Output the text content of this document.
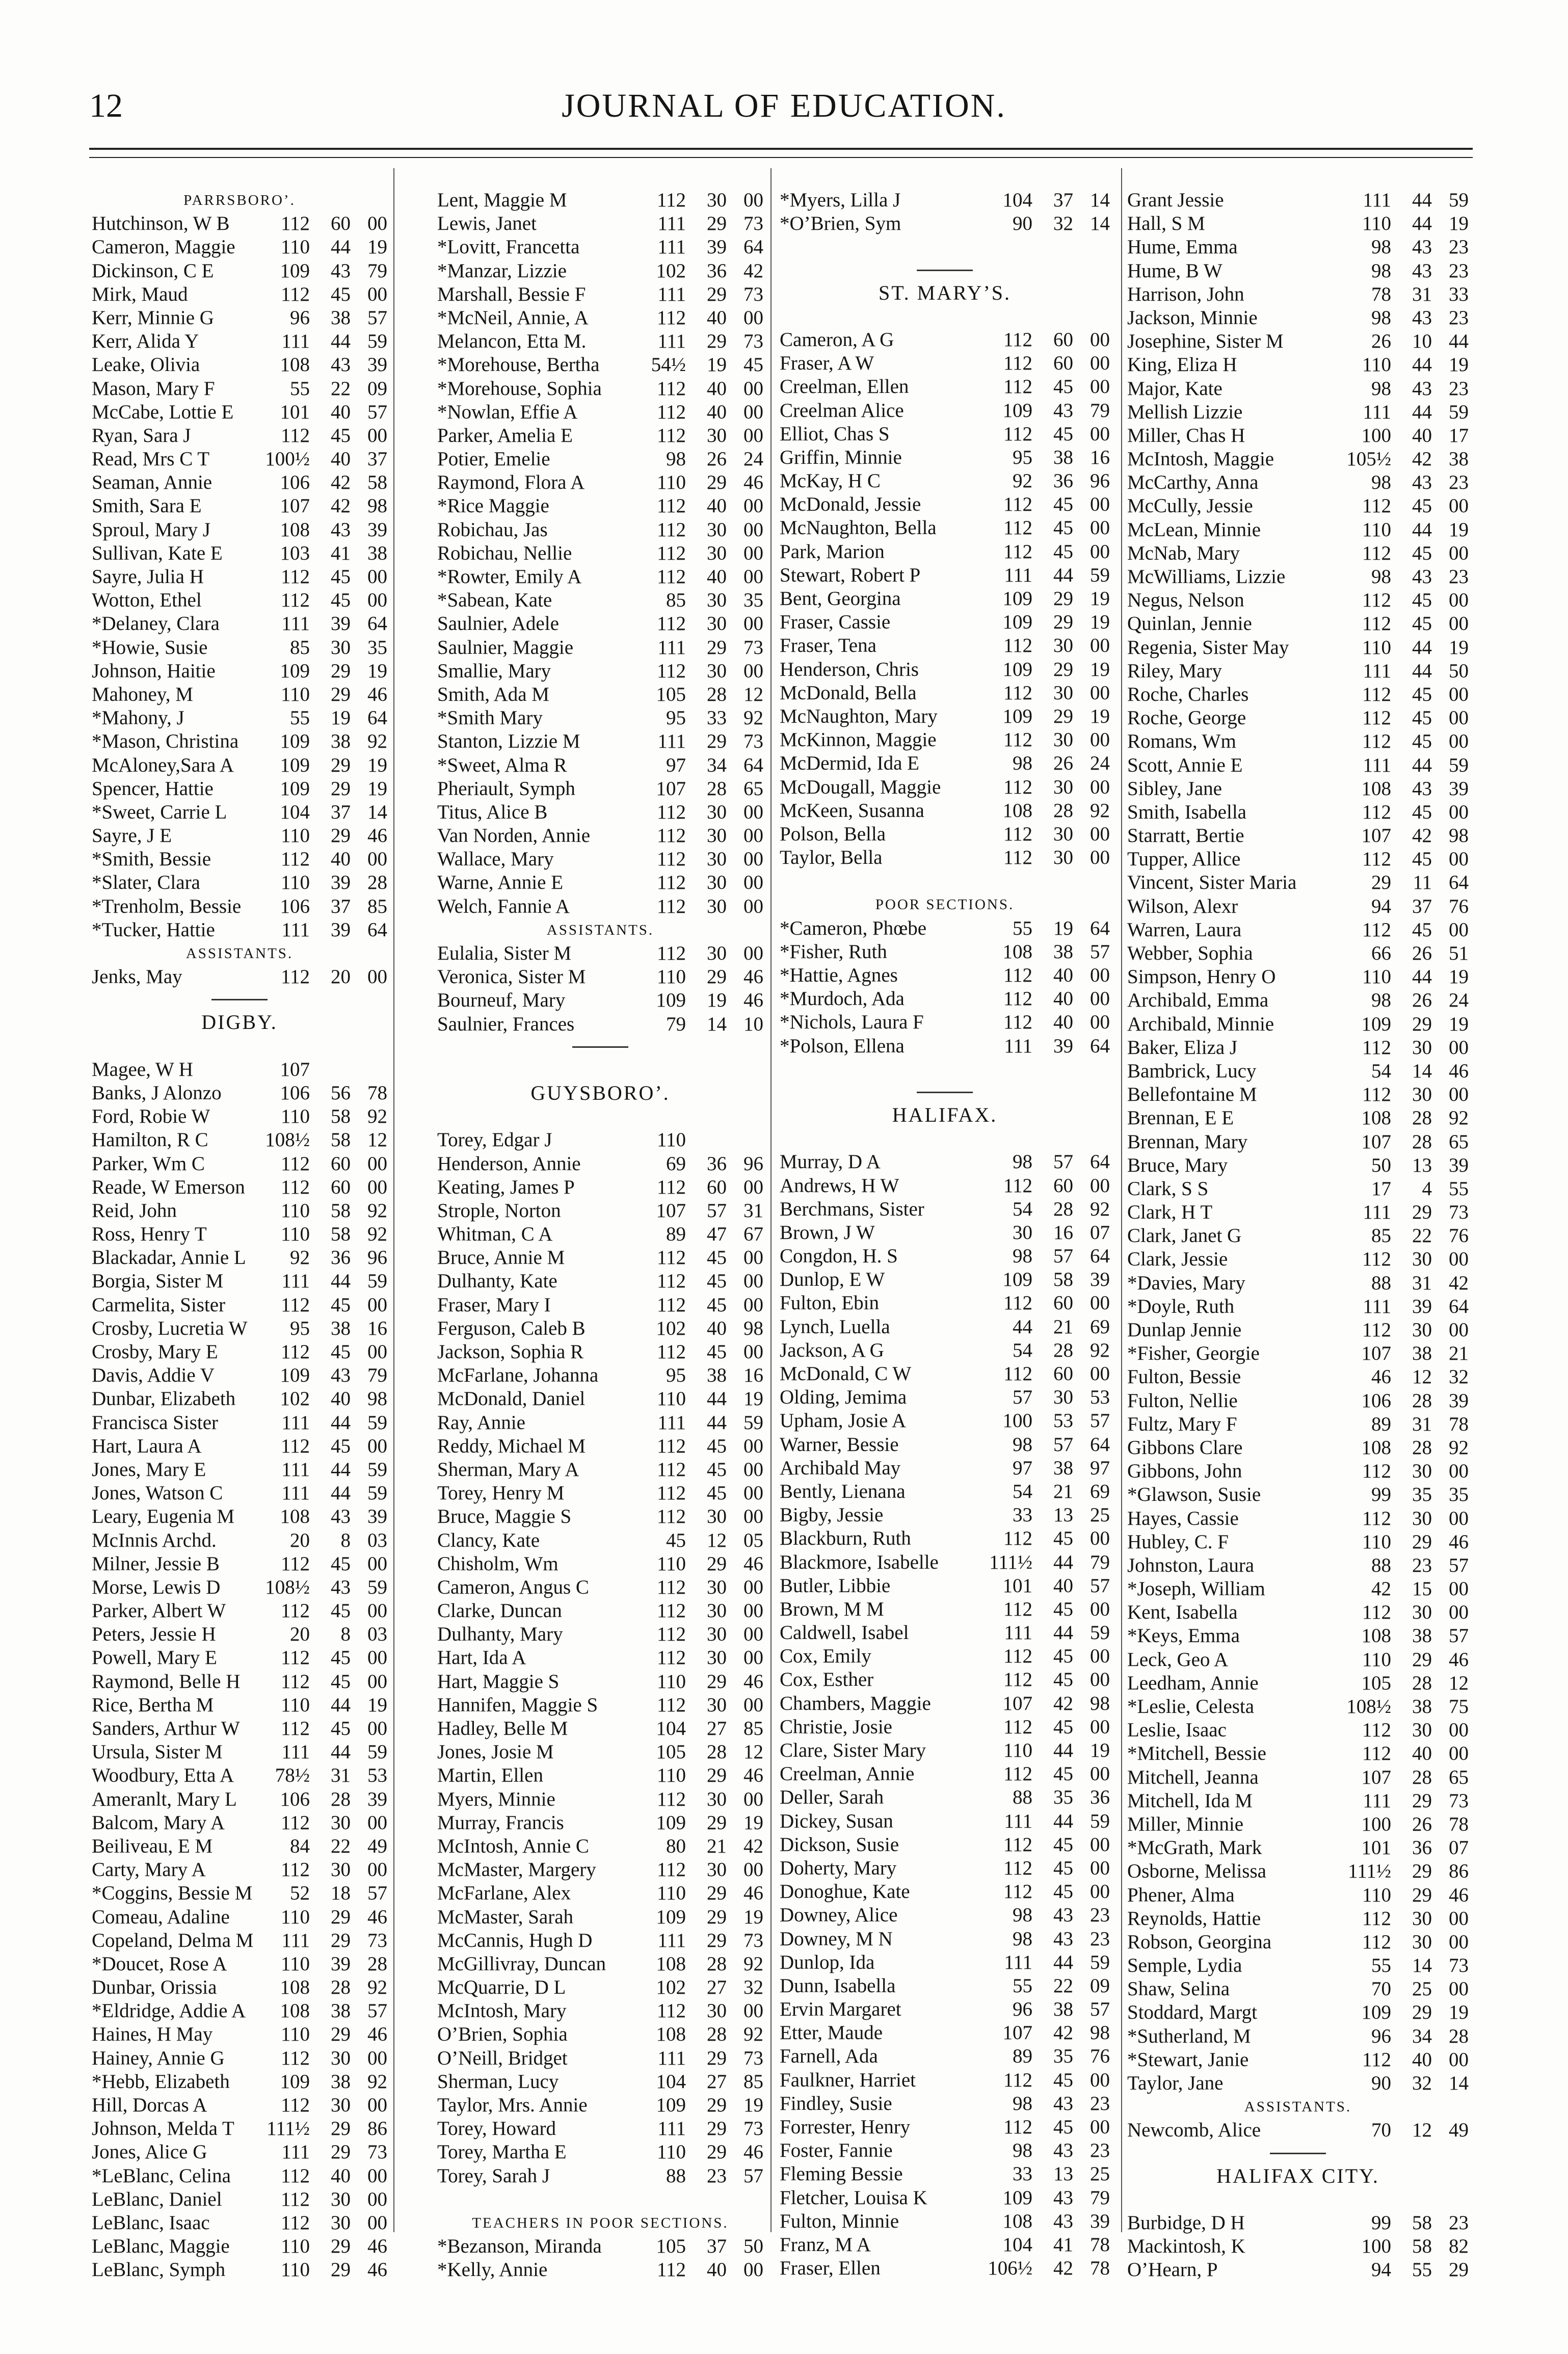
12	JOURNAL OF EDUCATION.
PARRSBORO’.
Hutchinson, W B	112	60 00
Cameron, Maggie	110	44 19
Dickinson, C E	109	43 79
Mirk, Maud	112	45 00
Kerr, Minnie G	96	38 57
Kerr, Alida Y	111	44 59
Leake, Olivia	108	43 39
Mason, Mary F	55	22 09
McCabe, Lottie E	101	40 57
Ryan, Sara J	112	45 00
Read, Mrs C T	100½	40 37
Seaman, Annie	106	42 58
Smith, Sara E	107	42 98
Sproul, Mary J	108	43 39
Sullivan, Kate E	103	41 38
Sayre, Julia H	112	45 00
Wotton, Ethel	112	45 00
*Delaney, Clara	111	39 64
*Howie, Susie	85	30 35
Johnson, Haitie	109	29 19
Mahoney, M	110	29 46
*Mahony, J	55	19 64
*Mason, Christina	109	38 92
McAloney,Sara A	109	29 19
Spencer, Hattie	109	29 19
*Sweet, Carrie L	104	37 14
Sayre, J E	110	29 46
*Smith, Bessie	112	40 00
*Slater, Clara	110	39 28
*Trenholm, Bessie	106	37 85
*Tucker, Hattie	111	39 64
ASSISTANTS.
Jenks, May	112	20 00
DIGBY.
Magee, W H	107
Banks, J Alonzo	106	56 78
Ford, Robie W	110	58 92
Hamilton, R C	108½	58 12
Parker, Wm C	112	60 00
Reade, W Emerson	112	60 00
Reid, John	110	58 92
Ross, Henry T	110	58 92
Blackadar, Annie L	92	36 96
Borgia, Sister M	111	44 59
Carmelita, Sister	112	45 00
Crosby, Lucretia W	95	38 16
Crosby, Mary E	112	45 00
Davis, Addie V	109	43 79
Dunbar, Elizabeth	102	40 98
Francisca Sister	111	44 59
Hart, Laura A	112	45 00
Jones, Mary E	111	44 59
Jones, Watson C	111	44 59
Leary, Eugenia M	108	43 39
McInnis Archd.	20	8 03
Milner, Jessie B	112	45 00
Morse, Lewis D	108½	43 59
Parker, Albert W	112	45 00
Peters, Jessie H	20	8 03
Powell, Mary E	112	45 00
Raymond, Belle H	112	45 00
Rice, Bertha M	110	44 19
Sanders, Arthur W	112	45 00
Ursula, Sister M	111	44 59
Woodbury, Etta A	78½	31 53
Ameranlt, Mary L	106	28 39
Balcom, Mary A	112	30 00
Beiliveau, E M	84	22 49
Carty, Mary A	112	30 00
*Coggins, Bessie M	52	18 57
Comeau, Adaline	110	29 46
Copeland, Delma M	111	29 73
*Doucet, Rose A	110	39 28
Dunbar, Orissia	108	28 92
*Eldridge, Addie A	108	38 57
Haines, H May	110	29 46
Hainey, Annie G	112	30 00
*Hebb, Elizabeth	109	38 92
Hill, Dorcas A	112	30 00
Johnson, Melda T	111½	29 86
Jones, Alice G	111	29 73
*LeBlanc, Celina	112	40 00
LeBlanc, Daniel	112	30 00
LeBlanc, Isaac	112	30 00
LeBlanc, Maggie	110	29 46
LeBlanc, Symph	110	29 46
Lent, Maggie M	112	30 00
Lewis, Janet	111	29 73
*Lovitt, Francetta	111	39 64
*Manzar, Lizzie	102	36 42
Marshall, Bessie F	111	29 73
*McNeil, Annie, A	112	40 00
Melancon, Etta M.	111	29 73
*Morehouse, Bertha	54½	19 45
*Morehouse, Sophia	112	40 00
*Nowlan, Effie A	112	40 00
Parker, Amelia E	112	30 00
Potier, Emelie	98	26 24
Raymond, Flora A	110	29 46
*Rice Maggie	112	40 00
Robichau, Jas	112	30 00
Robichau, Nellie	112	30 00
*Rowter, Emily A	112	40 00
*Sabean, Kate	85	30 35
Saulnier, Adele	112	30 00
Saulnier, Maggie	111	29 73
Smallie, Mary	112	30 00
Smith, Ada M	105	28 12
*Smith Mary	95	33 92
Stanton, Lizzie M	111	29 73
*Sweet, Alma R	97	34 64
Pheriault, Symph	107	28 65
Titus, Alice B	112	30 00
Van Norden, Annie	112	30 00
Wallace, Mary	112	30 00
Warne, Annie E	112	30 00
Welch, Fannie A	112	30 00
ASSISTANTS.
Eulalia, Sister M	112	30 00
Veronica, Sister M	110	29 46
Bourneuf, Mary	109	19 46
Saulnier, Frances	79	14 10
GUYSBORO’.
Torey, Edgar J	110
Henderson, Annie	69	36 96
Keating, James P	112	60 00
Strople, Norton	107	57 31
Whitman, C A	89	47 67
Bruce, Annie M	112	45 00
Dulhanty, Kate	112	45 00
Fraser, Mary I	112	45 00
Ferguson, Caleb B	102	40 98
Jackson, Sophia R	112	45 00
McFarlane, Johanna	95	38 16
McDonald, Daniel	110	44 19
Ray, Annie	111	44 59
Reddy, Michael M	112	45 00
Sherman, Mary A	112	45 00
Torey, Henry M	112	45 00
Bruce, Maggie S	112	30 00
Clancy, Kate	45	12 05
Chisholm, Wm	110	29 46
Cameron, Angus C	112	30 00
Clarke, Duncan	112	30 00
Dulhanty, Mary	112	30 00
Hart, Ida A	112	30 00
Hart, Maggie S	110	29 46
Hannifen, Maggie S	112	30 00
Hadley, Belle M	104	27 85
Jones, Josie M	105	28 12
Martin, Ellen	110	29 46
Myers, Minnie	112	30 00
Murray, Francis	109	29 19
McIntosh, Annie C	80	21 42
McMaster, Margery	112	30 00
McFarlane, Alex	110	29 46
McMaster, Sarah	109	29 19
McCannis, Hugh D	111	29 73
McGillivray, Duncan	108	28 92
McQuarrie, D L	102	27 32
McIntosh, Mary	112	30 00
O’Brien, Sophia	108	28 92
O’Neill, Bridget	111	29 73
Sherman, Lucy	104	27 85
Taylor, Mrs. Annie	109	29 19
Torey, Howard	111	29 73
Torey, Martha E	110	29 46
Torey, Sarah J	88	23 57
TEACHERS IN POOR SECTIONS.
*Bezanson, Miranda	105	37 50
*Kelly, Annie	112	40 00
*Myers, Lilla J	104	37 14
*O’Brien, Sym	90	32 14
ST. MARY’S.
Cameron, A G	112	60 00
Fraser, A W	112	60 00
Creelman, Ellen	112	45 00
Creelman Alice	109	43 79
Elliot, Chas S	112	45 00
Griffin, Minnie	95	38 16
McKay, H C	92	36 96
McDonald, Jessie	112	45 00
McNaughton, Bella	112	45 00
Park, Marion	112	45 00
Stewart, Robert P	111	44 59
Bent, Georgina	109	29 19
Fraser, Cassie	109	29 19
Fraser, Tena	112	30 00
Henderson, Chris	109	29 19
McDonald, Bella	112	30 00
McNaughton, Mary	109	29 19
McKinnon, Maggie	112	30 00
McDermid, Ida E	98	26 24
McDougall, Maggie	112	30 00
McKeen, Susanna	108	28 92
Polson, Bella	112	30 00
Taylor, Bella	112	30 00
POOR SECTIONS.
*Cameron, Phœbe	55	19 64
*Fisher, Ruth	108	38 57
*Hattie, Agnes	112	40 00
*Murdoch, Ada	112	40 00
*Nichols, Laura F	112	40 00
*Polson, Ellena	111	39 64
HALIFAX.
Murray, D A	98	57 64
Andrews, H W	112	60 00
Berchmans, Sister	54	28 92
Brown, J W	30	16 07
Congdon, H. S	98	57 64
Dunlop, E W	109	58 39
Fulton, Ebin	112	60 00
Lynch, Luella	44	21 69
Jackson, A G	54	28 92
McDonald, C W	112	60 00
Olding, Jemima	57	30 53
Upham, Josie A	100	53 57
Warner, Bessie	98	57 64
Archibald May	97	38 97
Bently, Lienana	54	21 69
Bigby, Jessie	33	13 25
Blackburn, Ruth	112	45 00
Blackmore, Isabelle	111½	44 79
Butler, Libbie	101	40 57
Brown, M M	112	45 00
Caldwell, Isabel	111	44 59
Cox, Emily	112	45 00
Cox, Esther	112	45 00
Chambers, Maggie	107	42 98
Christie, Josie	112	45 00
Clare, Sister Mary	110	44 19
Creelman, Annie	112	45 00
Deller, Sarah	88	35 36
Dickey, Susan	111	44 59
Dickson, Susie	112	45 00
Doherty, Mary	112	45 00
Donoghue, Kate	112	45 00
Downey, Alice	98	43 23
Downey, M N	98	43 23
Dunlop, Ida	111	44 59
Dunn, Isabella	55	22 09
Ervin Margaret	96	38 57
Etter, Maude	107	42 98
Farnell, Ada	89	35 76
Faulkner, Harriet	112	45 00
Findley, Susie	98	43 23
Forrester, Henry	112	45 00
Foster, Fannie	98	43 23
Fleming Bessie	33	13 25
Fletcher, Louisa K	109	43 79
Fulton, Minnie	108	43 39
Franz, M A	104	41 78
Fraser, Ellen	106½	42 78
Grant Jessie	111	44 59
Hall, S M	110	44 19
Hume, Emma	98	43 23
Hume, B W	98	43 23
Harrison, John	78	31 33
Jackson, Minnie	98	43 23
Josephine, Sister M	26	10 44
King, Eliza H	110	44 19
Major, Kate	98	43 23
Mellish Lizzie	111	44 59
Miller, Chas H	100	40 17
McIntosh, Maggie	105½	42 38
McCarthy, Anna	98	43 23
McCully, Jessie	112	45 00
McLean, Minnie	110	44 19
McNab, Mary	112	45 00
McWilliams, Lizzie	98	43 23
Negus, Nelson	112	45 00
Quinlan, Jennie	112	45 00
Regenia, Sister May	110	44 19
Riley, Mary	111	44 50
Roche, Charles	112	45 00
Roche, George	112	45 00
Romans, Wm	112	45 00
Scott, Annie E	111	44 59
Sibley, Jane	108	43 39
Smith, Isabella	112	45 00
Starratt, Bertie	107	42 98
Tupper, Allice	112	45 00
Vincent, Sister Maria	29	11 64
Wilson, Alexr	94	37 76
Warren, Laura	112	45 00
Webber, Sophia	66	26 51
Simpson, Henry O	110	44 19
Archibald, Emma	98	26 24
Archibald, Minnie	109	29 19
Baker, Eliza J	112	30 00
Bambrick, Lucy	54	14 46
Bellefontaine M	112	30 00
Brennan, E E	108	28 92
Brennan, Mary	107	28 65
Bruce, Mary	50	13 39
Clark, S S	17	4 55
Clark, H T	111	29 73
Clark, Janet G	85	22 76
Clark, Jessie	112	30 00
*Davies, Mary	88	31 42
*Doyle, Ruth	111	39 64
Dunlap Jennie	112	30 00
*Fisher, Georgie	107	38 21
Fulton, Bessie	46	12 32
Fulton, Nellie	106	28 39
Fultz, Mary F	89	31 78
Gibbons Clare	108	28 92
Gibbons, John	112	30 00
*Glawson, Susie	99	35 35
Hayes, Cassie	112	30 00
Hubley, C. F	110	29 46
Johnston, Laura	88	23 57
*Joseph, William	42	15 00
Kent, Isabella	112	30 00
*Keys, Emma	108	38 57
Leck, Geo A	110	29 46
Leedham, Annie	105	28 12
*Leslie, Celesta	108½	38 75
Leslie, Isaac	112	30 00
*Mitchell, Bessie	112	40 00
Mitchell, Jeanna	107	28 65
Mitchell, Ida M	111	29 73
Miller, Minnie	100	26 78
*McGrath, Mark	101	36 07
Osborne, Melissa	111½	29 86
Phener, Alma	110	29 46
Reynolds, Hattie	112	30 00
Robson, Georgina	112	30 00
Semple, Lydia	55	14 73
Shaw, Selina	70	25 00
Stoddard, Margt	109	29 19
*Sutherland, M	96	34 28
*Stewart, Janie	112	40 00
Taylor, Jane	90	32 14
ASSISTANTS.
Newcomb, Alice	70	12 49
HALIFAX CITY.
Burbidge, D H	99	58 23
Mackintosh, K	100	58 82
O’Hearn, P	94	55 29
